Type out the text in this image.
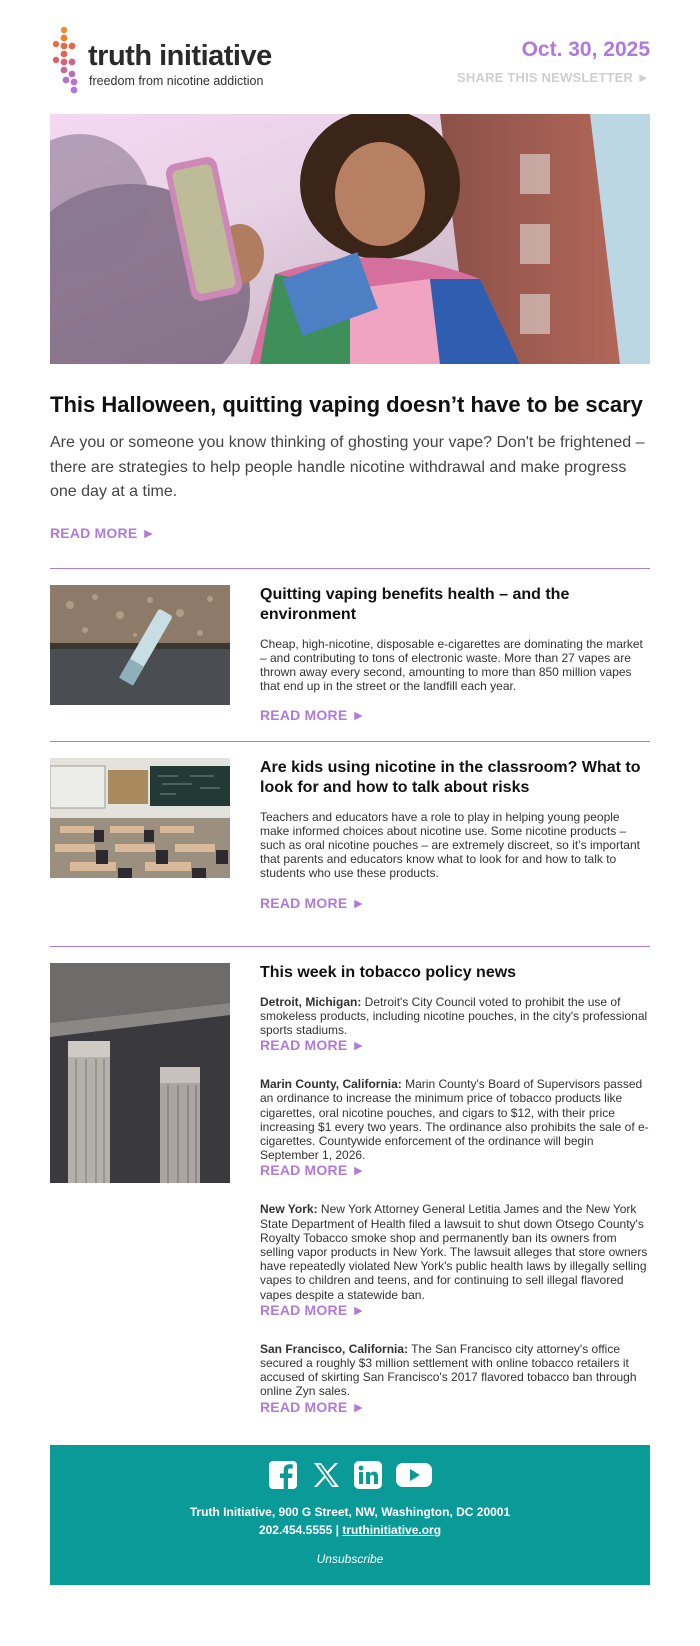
truth initiative
freedom from nicotine addiction
Oct. 30, 2025
SHARE THIS NEWSLETTER ►
This Halloween, quitting vaping doesn’t have to be scary

Are you or someone you know thinking of ghosting your vape? Don't be frightened – there are strategies to help people handle nicotine withdrawal and make progress one day at a time.

READ MORE ►
Quitting vaping benefits health – and the environment
Cheap, high-nicotine, disposable e-cigarettes are dominating the market – and contributing to tons of electronic waste. More than 27 vapes are thrown away every second, amounting to more than 850 million vapes that end up in the street or the landfill each year.
READ MORE ►
Are kids using nicotine in the classroom? What to look for and how to talk about risks
Teachers and educators have a role to play in helping young people make informed choices about nicotine use. Some nicotine products – such as oral nicotine pouches – are extremely discreet, so it’s important that parents and educators know what to look for and how to talk to students who use these products.
READ MORE ►
This week in tobacco policy news
Detroit, Michigan: Detroit's City Council voted to prohibit the use of smokeless products, including nicotine pouches, in the city's professional sports stadiums.
READ MORE ►
Marin County, California: Marin County's Board of Supervisors passed an ordinance to increase the minimum price of tobacco products like cigarettes, oral nicotine pouches, and cigars to $12, with their price increasing $1 every two years. The ordinance also prohibits the sale of e-cigarettes. Countywide enforcement of the ordinance will begin September 1, 2026.
READ MORE ►
New York: New York Attorney General Letitia James and the New York State Department of Health filed a lawsuit to shut down Otsego County's Royalty Tobacco smoke shop and permanently ban its owners from selling vapor products in New York. The lawsuit alleges that store owners have repeatedly violated New York's public health laws by illegally selling vapes to children and teens, and for continuing to sell illegal flavored vapes despite a statewide ban.
READ MORE ►
San Francisco, California: The San Francisco city attorney's office secured a roughly $3 million settlement with online tobacco retailers it accused of skirting San Francisco's 2017 flavored tobacco ban through online Zyn sales.
READ MORE ►

Truth Initiative, 900 G Street, NW, Washington, DC 20001
202.454.5555 | truthinitiative.org
Unsubscribe
